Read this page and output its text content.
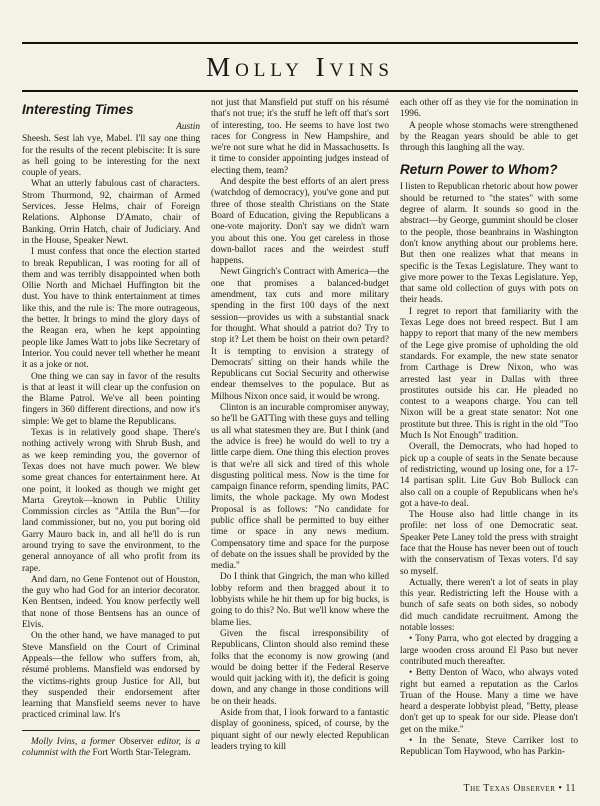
Molly Ivins
Interesting Times
Austin

Sheesh. Sest lah vye, Mabel. I'll say one thing for the results of the recent plebiscite: It is sure as hell going to be interesting for the next couple of years.

What an utterly fabulous cast of characters. Strom Thurmond, 92, chairman of Armed Services. Jesse Helms, chair of Foreign Relations. Alphonse D'Amato, chair of Banking. Orrin Hatch, chair of Judiciary. And in the House, Speaker Newt.

I must confess that once the election started to break Republican, I was rooting for all of them and was terribly disappointed when both Ollie North and Michael Huffington bit the dust. You have to think entertainment at times like this, and the rule is: The more outrageous, the better. It brings to mind the glory days of the Reagan era, when he kept appointing people like James Watt to jobs like Secretary of Interior. You could never tell whether he meant it as a joke or not.

One thing we can say in favor of the results is that at least it will clear up the confusion on the Blame Patrol. We've all been pointing fingers in 360 different directions, and now it's simple: We get to blame the Republicans.

Texas is in relatively good shape. There's nothing actively wrong with Shrub Bush, and as we keep reminding you, the governor of Texas does not have much power. We blew some great chances for entertainment here. At one point, it looked as though we might get Marta Greytok—known in Public Utility Commission circles as "Attila the Bun"—for land commissioner, but no, you put boring old Garry Mauro back in, and all he'll do is run around trying to save the environment, to the general annoyance of all who profit from its rape.

And darn, no Gene Fontenot out of Houston, the guy who had God for an interior decorator. Ken Bentsen, indeed. You know perfectly well that none of those Bentsens has an ounce of Elvis.

On the other hand, we have managed to put Steve Mansfield on the Court of Criminal Appeals—the fellow who suffers from, ah, résumé problems. Mansfield was endorsed by the victims-rights group Justice for All, but they suspended their endorsement after learning that Mansfield seems never to have practiced criminal law. It's

Molly Ivins, a former Observer editor, is a columnist with the Fort Worth Star-Telegram.

not just that Mansfield put stuff on his résumé that's not true; it's the stuff he left off that's sort of interesting, too. He seems to have lost two races for Congress in New Hampshire, and we're not sure what he did in Massachusetts. Is it time to consider appointing judges instead of electing them, team?

And despite the best efforts of an alert press (watchdog of democracy), you've gone and put three of those stealth Christians on the State Board of Education, giving the Republicans a one-vote majority. Don't say we didn't warn you about this one. You get careless in those down-ballot races and the weirdest stuff happens.

Newt Gingrich's Contract with America—the one that promises a balanced-budget amendment, tax cuts and more military spending in the first 100 days of the next session—provides us with a substantial snack for thought. What should a patriot do? Try to stop it? Let them be hoist on their own petard? It is tempting to envision a strategy of Democrats' sitting on their hands while the Republicans cut Social Security and otherwise endear themselves to the populace. But as Milhous Nixon once said, it would be wrong.

Clinton is an incurable compromiser anyway, so he'll be GATTing with these guys and telling us all what statesmen they are. But I think (and the advice is free) he would do well to try a little carpe diem. One thing this election proves is that we're all sick and tired of this whole disgusting political mess. Now is the time for campaign finance reform, spending limits, PAC limits, the whole package. My own Modest Proposal is as follows: "No candidate for public office shall be permitted to buy either time or space in any news medium. Compensatory time and space for the purpose of debate on the issues shall be provided by the media."

Do I think that Gingrich, the man who killed lobby reform and then bragged about it to lobbyists while he hit them up for big bucks, is going to do this? No. But we'll know where the blame lies.

Given the fiscal irresponsibility of Republicans, Clinton should also remind these folks that the economy is now growing (and would be doing better if the Federal Reserve would quit jacking with it), the deficit is going down, and any change in those conditions will be on their heads.

Aside from that, I look forward to a fantastic display of gooniness, spiced, of course, by the piquant sight of our newly elected Republican leaders trying to kill

each other off as they vie for the nomination in 1996.

A people whose stomachs were strengthened by the Reagan years should be able to get through this laughing all the way.

Return Power to Whom?

I listen to Republican rhetoric about how power should be returned to "the states" with some degree of alarm. It sounds so good in the abstract—by George, gummint should be closer to the people, those beanbrains in Washington don't know anything about our problems here. But then one realizes what that means in specific is the Texas Legislature. They want to give more power to the Texas Legislature. Yep, that same old collection of guys with pots on their heads.

I regret to report that familiarity with the Texas Lege does not breed respect. But I am happy to report that many of the new members of the Lege give promise of upholding the old standards. For example, the new state senator from Carthage is Drew Nixon, who was arrested last year in Dallas with three prostitutes outside his car. He pleaded no contest to a weapons charge. You can tell Nixon will be a great state senator: Not one prostitute but three. This is right in the old "Too Much Is Not Enough" tradition.

Overall, the Democrats, who had hoped to pick up a couple of seats in the Senate because of redistricting, wound up losing one, for a 17-14 partisan split. Lite Guv Bob Bullock can also call on a couple of Republicans when he's got a have-to deal.

The House also had little change in its profile: net loss of one Democratic seat. Speaker Pete Laney told the press with straight face that the House has never been out of touch with the conservatism of Texas voters. I'd say so myself.

Actually, there weren't a lot of seats in play this year. Redistricting left the House with a bunch of safe seats on both sides, so nobody did much candidate recruitment. Among the notable losses:

• Tony Parra, who got elected by dragging a large wooden cross around El Paso but never contributed much thereafter.

• Betty Denton of Waco, who always voted right but earned a reputation as the Carlos Truan of the House. Many a time we have heard a desperate lobbyist plead, "Betty, please don't get up to speak for our side. Please don't get on the mike."

• In the Senate, Steve Carriker lost to Republican Tom Haywood, who has Parkin-

The Texas Observer • 11
